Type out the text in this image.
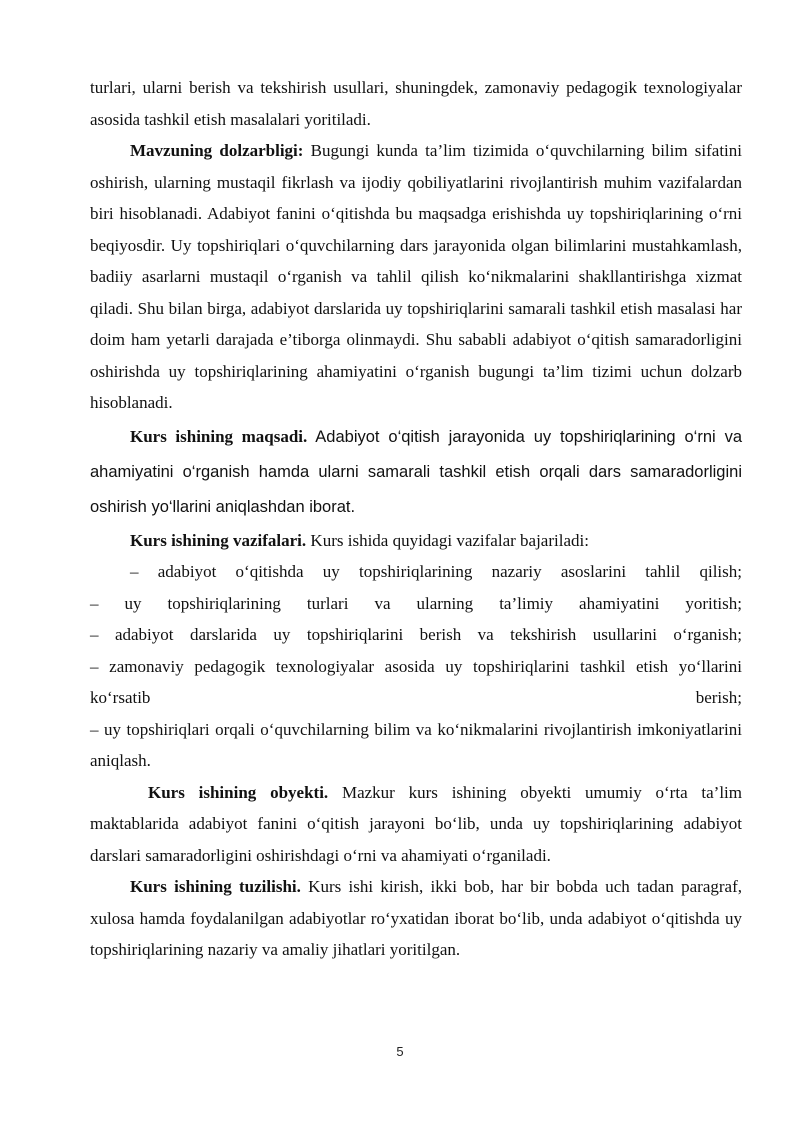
turlari, ularni berish va tekshirish usullari, shuningdek, zamonaviy pedagogik texnologiyalar asosida tashkil etish masalalari yoritiladi.

Mavzuning dolzarbligi: Bugungi kunda ta’lim tizimida o‘quvchilarning bilim sifatini oshirish, ularning mustaqil fikrlash va ijodiy qobiliyatlarini rivojlantirish muhim vazifalardan biri hisoblanadi. Adabiyot fanini o‘qitishda bu maqsadga erishishda uy topshiriqlarining o‘rni beqiyosdir. Uy topshiriqlari o‘quvchilarning dars jarayonida olgan bilimlarini mustahkamlash, badiiy asarlarni mustaqil o‘rganish va tahlil qilish ko‘nikmalarini shakllantirishga xizmat qiladi. Shu bilan birga, adabiyot darslarida uy topshiriqlarini samarali tashkil etish masalasi har doim ham yetarli darajada e’tiborga olinmaydi. Shu sababli adabiyot o‘qitish samaradorligini oshirishda uy topshiriqlarining ahamiyatini o‘rganish bugungi ta’lim tizimi uchun dolzarb hisoblanadi.

Kurs ishining maqsadi. Adabiyot o‘qitish jarayonida uy topshiriqlarining o‘rni va ahamiyatini o‘rganish hamda ularni samarali tashkil etish orqali dars samaradorligini oshirish yo‘llarini aniqlashdan iborat.

Kurs ishining vazifalari. Kurs ishida quyidagi vazifalar bajariladi:

– adabiyot o‘qitishda uy topshiriqlarining nazariy asoslarini tahlil qilish;

– uy topshiriqlarining turlari va ularning ta’limiy ahamiyatini yoritish;

– adabiyot darslarida uy topshiriqlarini berish va tekshirish usullarini o‘rganish;

– zamonaviy pedagogik texnologiyalar asosida uy topshiriqlarini tashkil etish yo‘llarini

ko‘rsatib berish;

– uy topshiriqlari orqali o‘quvchilarning bilim va ko‘nikmalarini rivojlantirish imkoniyatlarini aniqlash.

Kurs ishining obyekti. Mazkur kurs ishining obyekti umumiy o‘rta ta’lim maktablarida adabiyot fanini o‘qitish jarayoni bo‘lib, unda uy topshiriqlarining adabiyot darslari samaradorligini oshirishdagi o‘rni va ahamiyati o‘rganiladi.

Kurs ishining tuzilishi. Kurs ishi kirish, ikki bob, har bir bobda uch tadan paragraf, xulosa hamda foydalanilgan adabiyotlar ro‘yxatidan iborat bo‘lib, unda adabiyot o‘qitishda uy topshiriqlarining nazariy va amaliy jihatlari yoritilgan.

5
